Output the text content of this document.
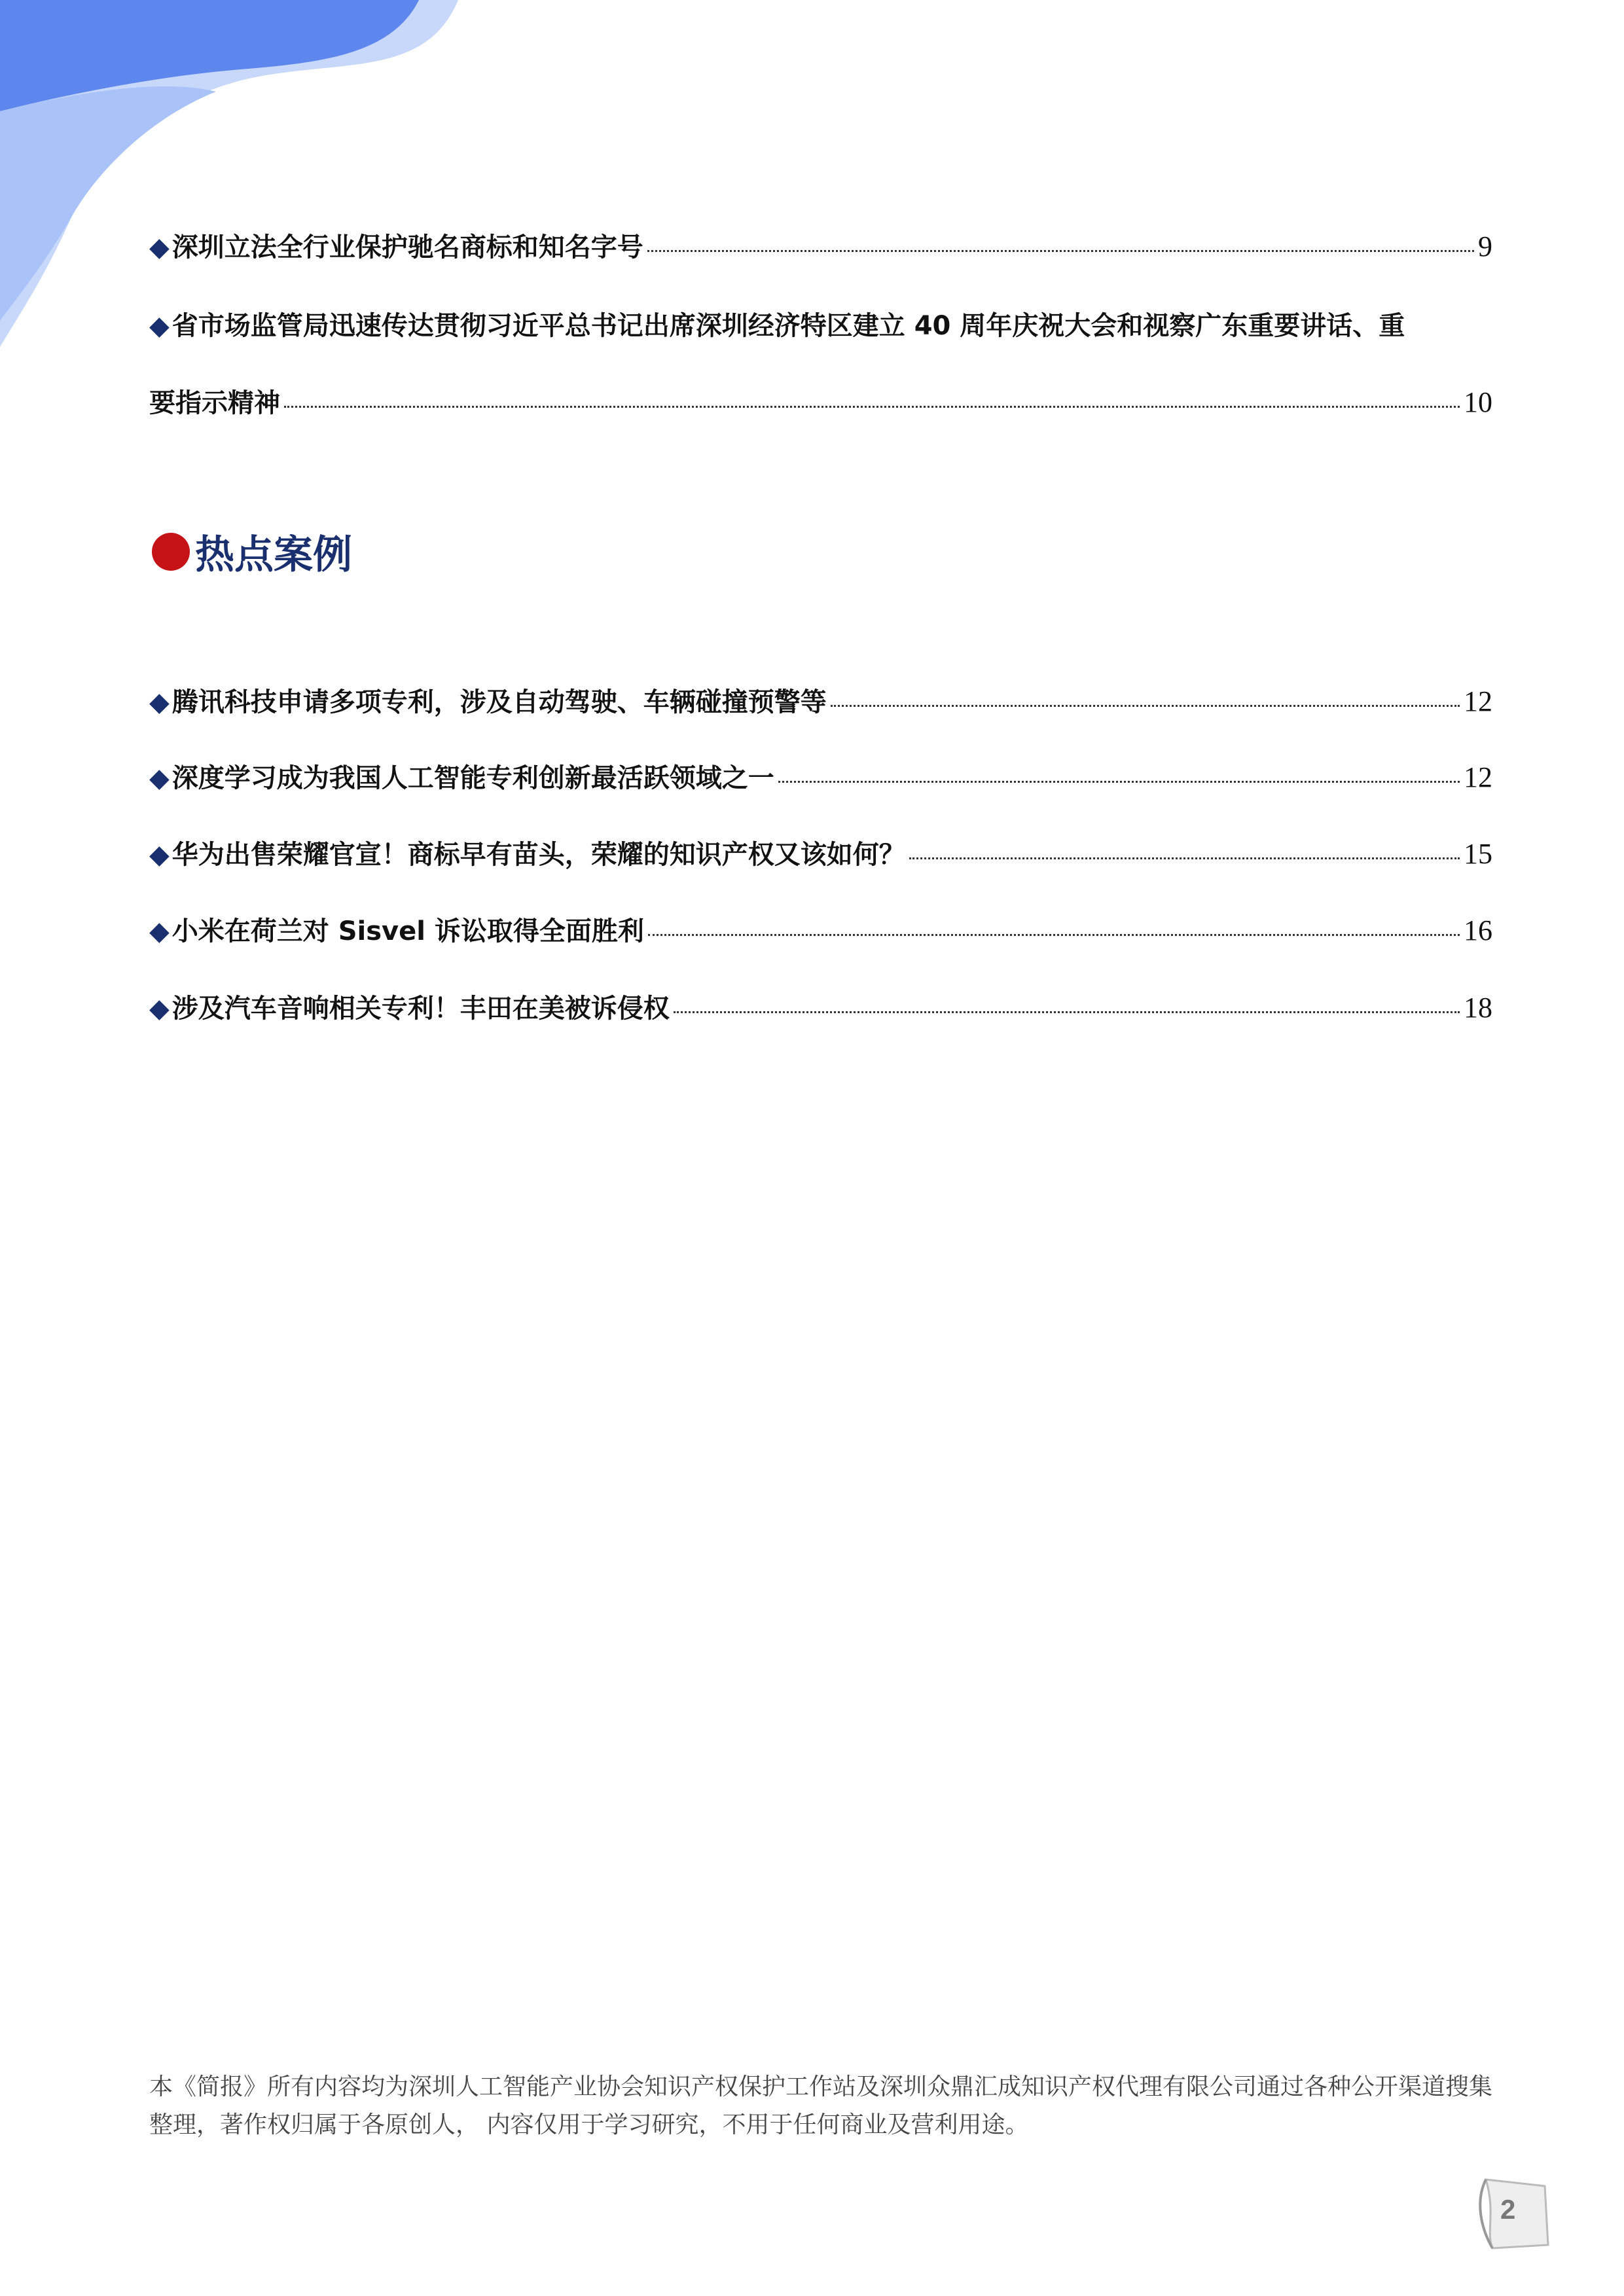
◆ 深圳立法全行业保护驰名商标和知名字号	9
◆ 省市场监管局迅速传达贯彻习近平总书记出席深圳经济特区建立 40 周年庆祝大会和视察广东重要讲话、重
要指示精神	10
热点案例
◆ 腾讯科技申请多项专利，涉及自动驾驶、车辆碰撞预警等	12
◆ 深度学习成为我国人工智能专利创新最活跃领域之一	12
◆ 华为出售荣耀官宣！商标早有苗头，荣耀的知识产权又该如何？	15
◆ 小米在荷兰对 Sisvel 诉讼取得全面胜利	16
◆ 涉及汽车音响相关专利！丰田在美被诉侵权	18
本《简报》所有内容均为深圳人工智能产业协会知识产权保护工作站及深圳众鼎汇成知识产权代理有限公司通过各种公开渠道搜集整理，著作权归属于各原创人， 内容仅用于学习研究，不用于任何商业及营利用途。
2
